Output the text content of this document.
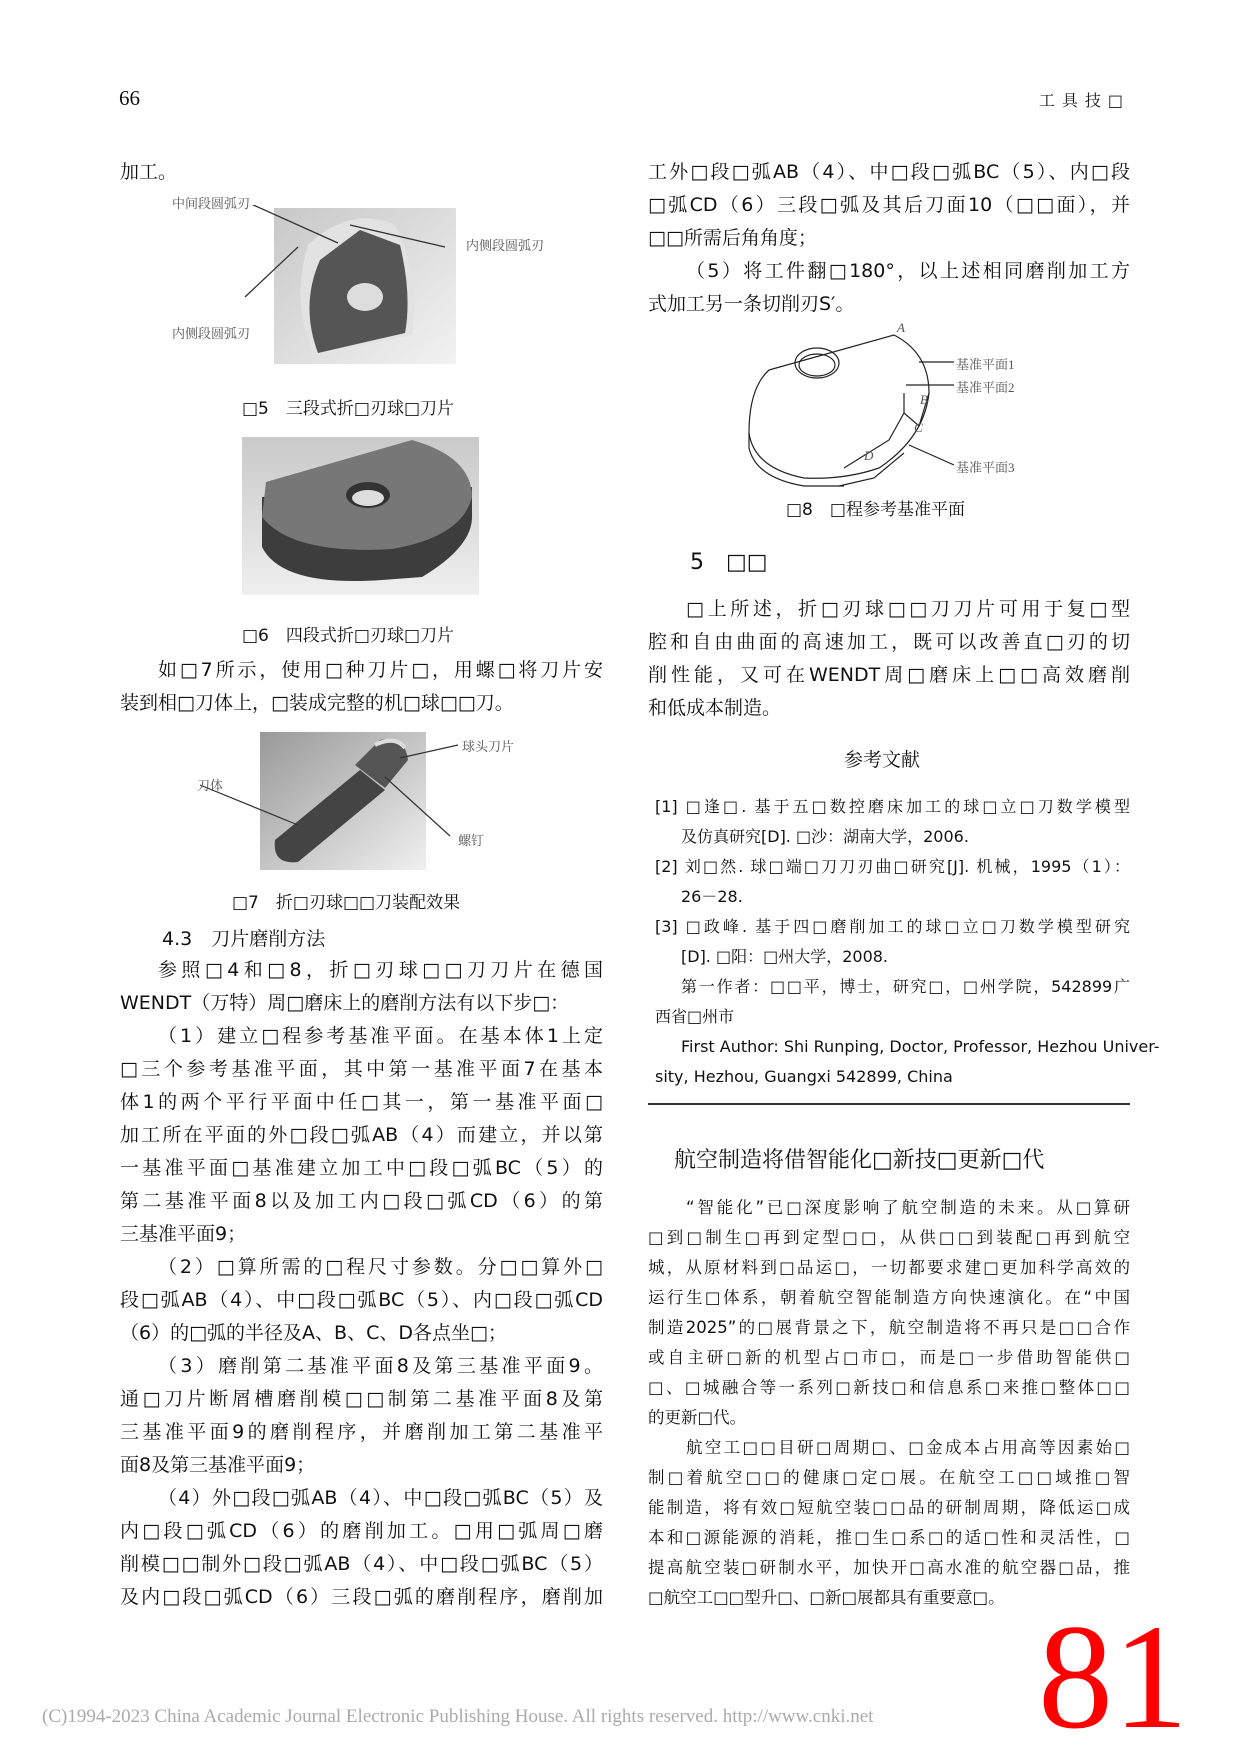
66	工具技□
加工。
中间段圆弧刃
内侧段圆弧刃
内侧段圆弧刃
□5　三段式折□刃球□刀片
□6　四段式折□刃球□刀片
如□7所示，使用□种刀片□，用螺□将刀片安
装到相□刀体上，□装成完整的机□球□□刀。
刀体
球头刀片
螺钉
□7　折□刃球□□刀装配效果
4.3　刀片磨削方法
参照□4和□8，折□刃球□□刀刀片在德国
WENDT（万特）周□磨床上的磨削方法有以下步□：
（1）建立□程参考基准平面。在基本体1上定
□三个参考基准平面，其中第一基准平面7在基本
体1的两个平行平面中任□其一，第一基准平面□
加工所在平面的外□段□弧AB（4）而建立，并以第
一基准平面□基准建立加工中□段□弧BC（5）的
第二基准平面8以及加工内□段□弧CD（6）的第
三基准平面9；
（2）□算所需的□程尺寸参数。分□□算外□
段□弧AB（4）、中□段□弧BC（5）、内□段□弧CD
（6）的□弧的半径及A、B、C、D各点坐□；
（3）磨削第二基准平面8及第三基准平面9。
通□刀片断屑槽磨削模□□制第二基准平面8及第
三基准平面9的磨削程序，并磨削加工第二基准平
面8及第三基准平面9；
（4）外□段□弧AB（4）、中□段□弧BC（5）及
内□段□弧CD（6）的磨削加工。□用□弧周□磨
削模□□制外□段□弧AB（4）、中□段□弧BC（5）
及内□段□弧CD（6）三段□弧的磨削程序，磨削加
工外□段□弧AB（4）、中□段□弧BC（5）、内□段
□弧CD（6）三段□弧及其后刀面10（□□面），并
□□所需后角角度；
（5）将工件翻□180°，以上述相同磨削加工方
式加工另一条切削刃S′。
A
B
C
D
基准平面1
基准平面2
基准平面3
□8　□程参考基准平面
5　□□
□上所述，折□刃球□□刀刀片可用于复□型
腔和自由曲面的高速加工，既可以改善直□刃的切
削性能，又可在WENDT周□磨床上□□高效磨削
和低成本制造。
参考文献
[1] □逢□. 基于五□数控磨床加工的球□立□刀数学模型
及仿真研究[D]. □沙：湖南大学，2006.
[2] 刘□然. 球□端□刀刀刃曲□研究[J]. 机械，1995（1）：
26－28.
[3] □政峰. 基于四□磨削加工的球□立□刀数学模型研究
[D]. □阳：□州大学，2008.
第一作者：□□平，博士，研究□，□州学院，542899广
西省□州市
First Author: Shi Runping, Doctor, Professor, Hezhou Univer-
sity, Hezhou, Guangxi 542899, China
航空制造将借智能化□新技□更新□代
“智能化”已□深度影响了航空制造的未来。从□算研
□到□制生□再到定型□□，从供□□到装配□再到航空
城，从原材料到□品运□，一切都要求建□更加科学高效的
运行生□体系，朝着航空智能制造方向快速演化。在“中国
制造2025”的□展背景之下，航空制造将不再只是□□合作
或自主研□新的机型占□市□，而是□一步借助智能供□
□、□城融合等一系列□新技□和信息系□来推□整体□□
的更新□代。
航空工□□目研□周期□、□金成本占用高等因素始□
制□着航空□□的健康□定□展。在航空工□□域推□智
能制造，将有效□短航空装□□品的研制周期，降低运□成
本和□源能源的消耗，推□生□系□的适□性和灵活性，□
提高航空装□研制水平，加快开□高水准的航空器□品，推
□航空工□□型升□、□新□展都具有重要意□。
(C)1994-2023 China Academic Journal Electronic Publishing House. All rights reserved. http://www.cnki.net 81
